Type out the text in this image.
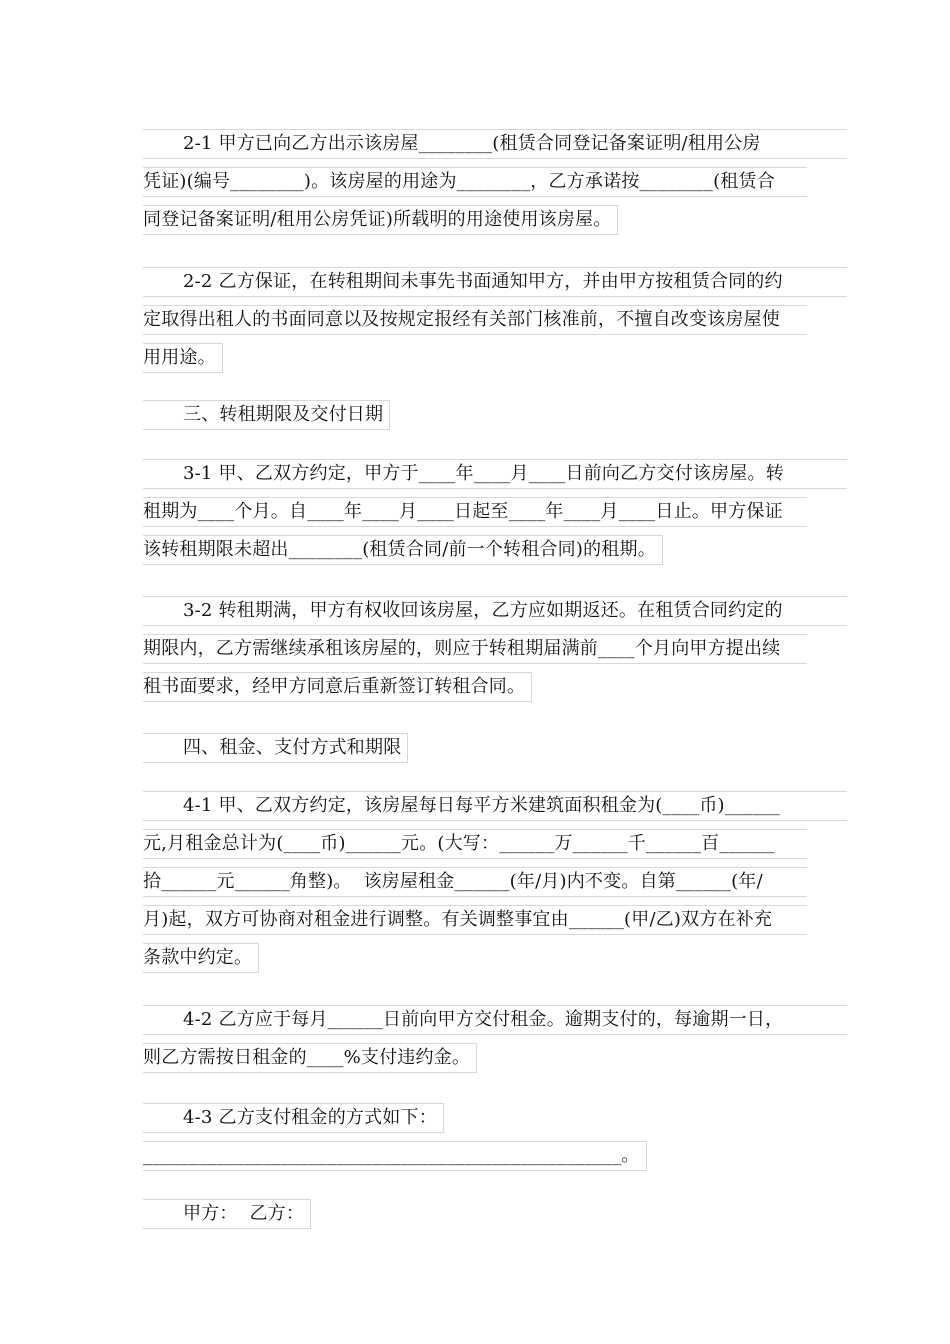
2-1 甲方已向乙方出示该房屋________(租赁合同登记备案证明/租用公房
凭证)(编号________)。该房屋的用途为________，乙方承诺按________(租赁合
同登记备案证明/租用公房凭证)所载明的用途使用该房屋。
2-2 乙方保证，在转租期间未事先书面通知甲方，并由甲方按租赁合同的约
定取得出租人的书面同意以及按规定报经有关部门核准前，不擅自改变该房屋使
用用途。
三、转租期限及交付日期
3-1 甲、乙双方约定，甲方于____年____月____日前向乙方交付该房屋。转
租期为____个月。自____年____月____日起至____年____月____日止。甲方保证
该转租期限未超出________(租赁合同/前一个转租合同)的租期。
3-2 转租期满，甲方有权收回该房屋，乙方应如期返还。在租赁合同约定的
期限内，乙方需继续承租该房屋的，则应于转租期届满前____个月向甲方提出续
租书面要求，经甲方同意后重新签订转租合同。
四、租金、支付方式和期限
4-1 甲、乙双方约定，该房屋每日每平方米建筑面积租金为(____币)______
元,月租金总计为(____币)______元。(大写：______万______千______百______
拾______元______角整)。  该房屋租金______(年/月)内不变。自第______(年/
月)起，双方可协商对租金进行调整。有关调整事宜由______(甲/乙)双方在补充
条款中约定。
4-2 乙方应于每月______日前向甲方交付租金。逾期支付的，每逾期一日，
则乙方需按日租金的____%支付违约金。
4-3 乙方支付租金的方式如下：
____________________________________________________。
甲方：  乙方：
